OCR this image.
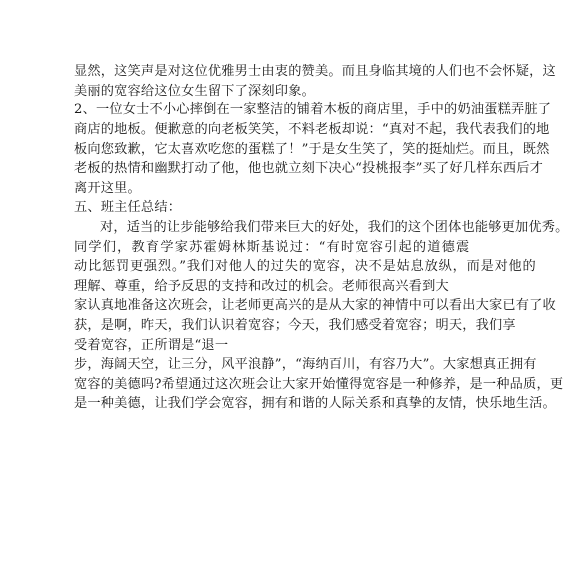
显然，这笑声是对这位优雅男士由衷的赞美。而且身临其境的人们也不会怀疑，这
美丽的宽容给这位女生留下了深刻印象。
2、一位女士不小心摔倒在一家整洁的铺着木板的商店里，手中的奶油蛋糕弄脏了
商店的地板。便歉意的向老板笑笑，不料老板却说：“真对不起，我代表我们的地
板向您致歉，它太喜欢吃您的蛋糕了！”于是女生笑了，笑的挺灿烂。而且，既然
老板的热情和幽默打动了他，他也就立刻下决心“投桃报李”买了好几样东西后才
离开这里。
五、班主任总结：
对，适当的让步能够给我们带来巨大的好处，我们的这个团体也能够更加优秀。
同学们，教育学家苏霍姆林斯基说过：“有时宽容引起的道德震
动比惩罚更强烈。”我们对他人的过失的宽容，决不是姑息放纵，而是对他的
理解、尊重，给予反思的支持和改过的机会。老师很高兴看到大
家认真地准备这次班会，让老师更高兴的是从大家的神情中可以看出大家已有了收
获，是啊，昨天，我们认识着宽容；今天，我们感受着宽容；明天，我们享
受着宽容，正所谓是“退一
步，海阔天空，让三分，风平浪静”，“海纳百川，有容乃大”。大家想真正拥有
宽容的美德吗?希望通过这次班会让大家开始懂得宽容是一种修养，是一种品质，更
是一种美德，让我们学会宽容，拥有和谐的人际关系和真挚的友情，快乐地生活。
